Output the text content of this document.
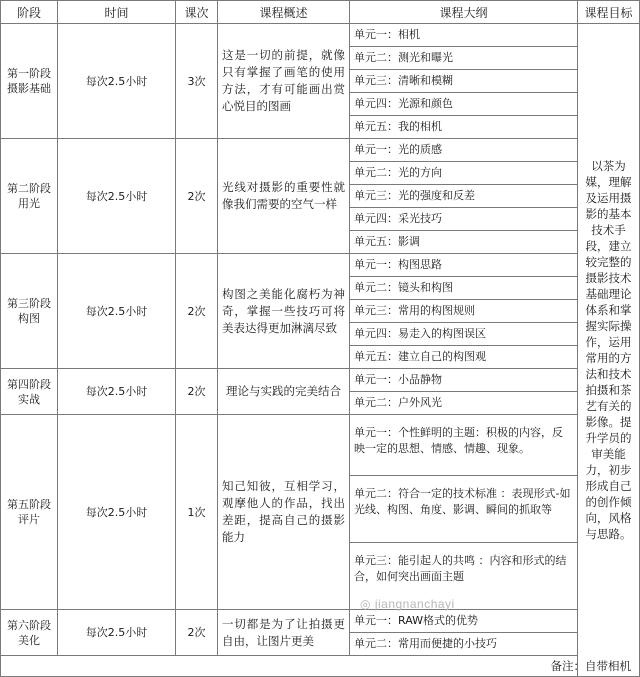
阶段	时间	课次	课程概述	课程大纲	课程目标
第一阶段
摄影基础	每次2.5小时	3次	这是一切的前提，就像只有掌握了画笔的使用方法，才有可能画出赏心悦目的图画	单元一：相机	以茶为媒，理解及运用摄影的基本技术手段，建立较完整的摄影技术基础理论体系和掌握实际操作，运用常用的方法和技术拍摄和茶艺有关的影像。提升学员的审美能力，初步形成自己的创作倾向，风格与思路。
				单元二：测光和曝光	
				单元三：清晰和模糊	
				单元四：光源和颜色	
				单元五：我的相机	
第二阶段
用光	每次2.5小时	2次	光线对摄影的重要性就像我们需要的空气一样	单元一：光的质感	
				单元二：光的方向	
				单元三：光的强度和反差	
				单元四：采光技巧	
				单元五：影调	
第三阶段
构图	每次2.5小时	2次	构图之美能化腐朽为神奇，掌握一些技巧可将美表达得更加淋漓尽致	单元一：构图思路	
				单元二：镜头和构图	
				单元三：常用的构图规则	
				单元四：易走入的构图误区	
				单元五：建立自己的构图观	
第四阶段
实战	每次2.5小时	2次	理论与实践的完美结合	单元一：小品静物	
				单元二：户外风光	
第五阶段
评片	每次2.5小时	1次	知己知彼，互相学习，观摩他人的作品，找出差距，提高自己的摄影能力	单元一：个性鲜明的主题：积极的内容，反映一定的思想、情感、情趣、现象。	
				单元二：符合一定的技术标准 ：表现形式-如光线、构图、角度、影调、瞬间的抓取等	
				单元三：能引起人的共鸣 ：内容和形式的结合，如何突出画面主题	
第六阶段
美化	每次2.5小时	2次	一切都是为了让拍摄更自由，让图片更美	单元一：RAW格式的优势	
				单元二：常用而便捷的小技巧	
				备注：自带相机	
◎ jiangnanchayi
